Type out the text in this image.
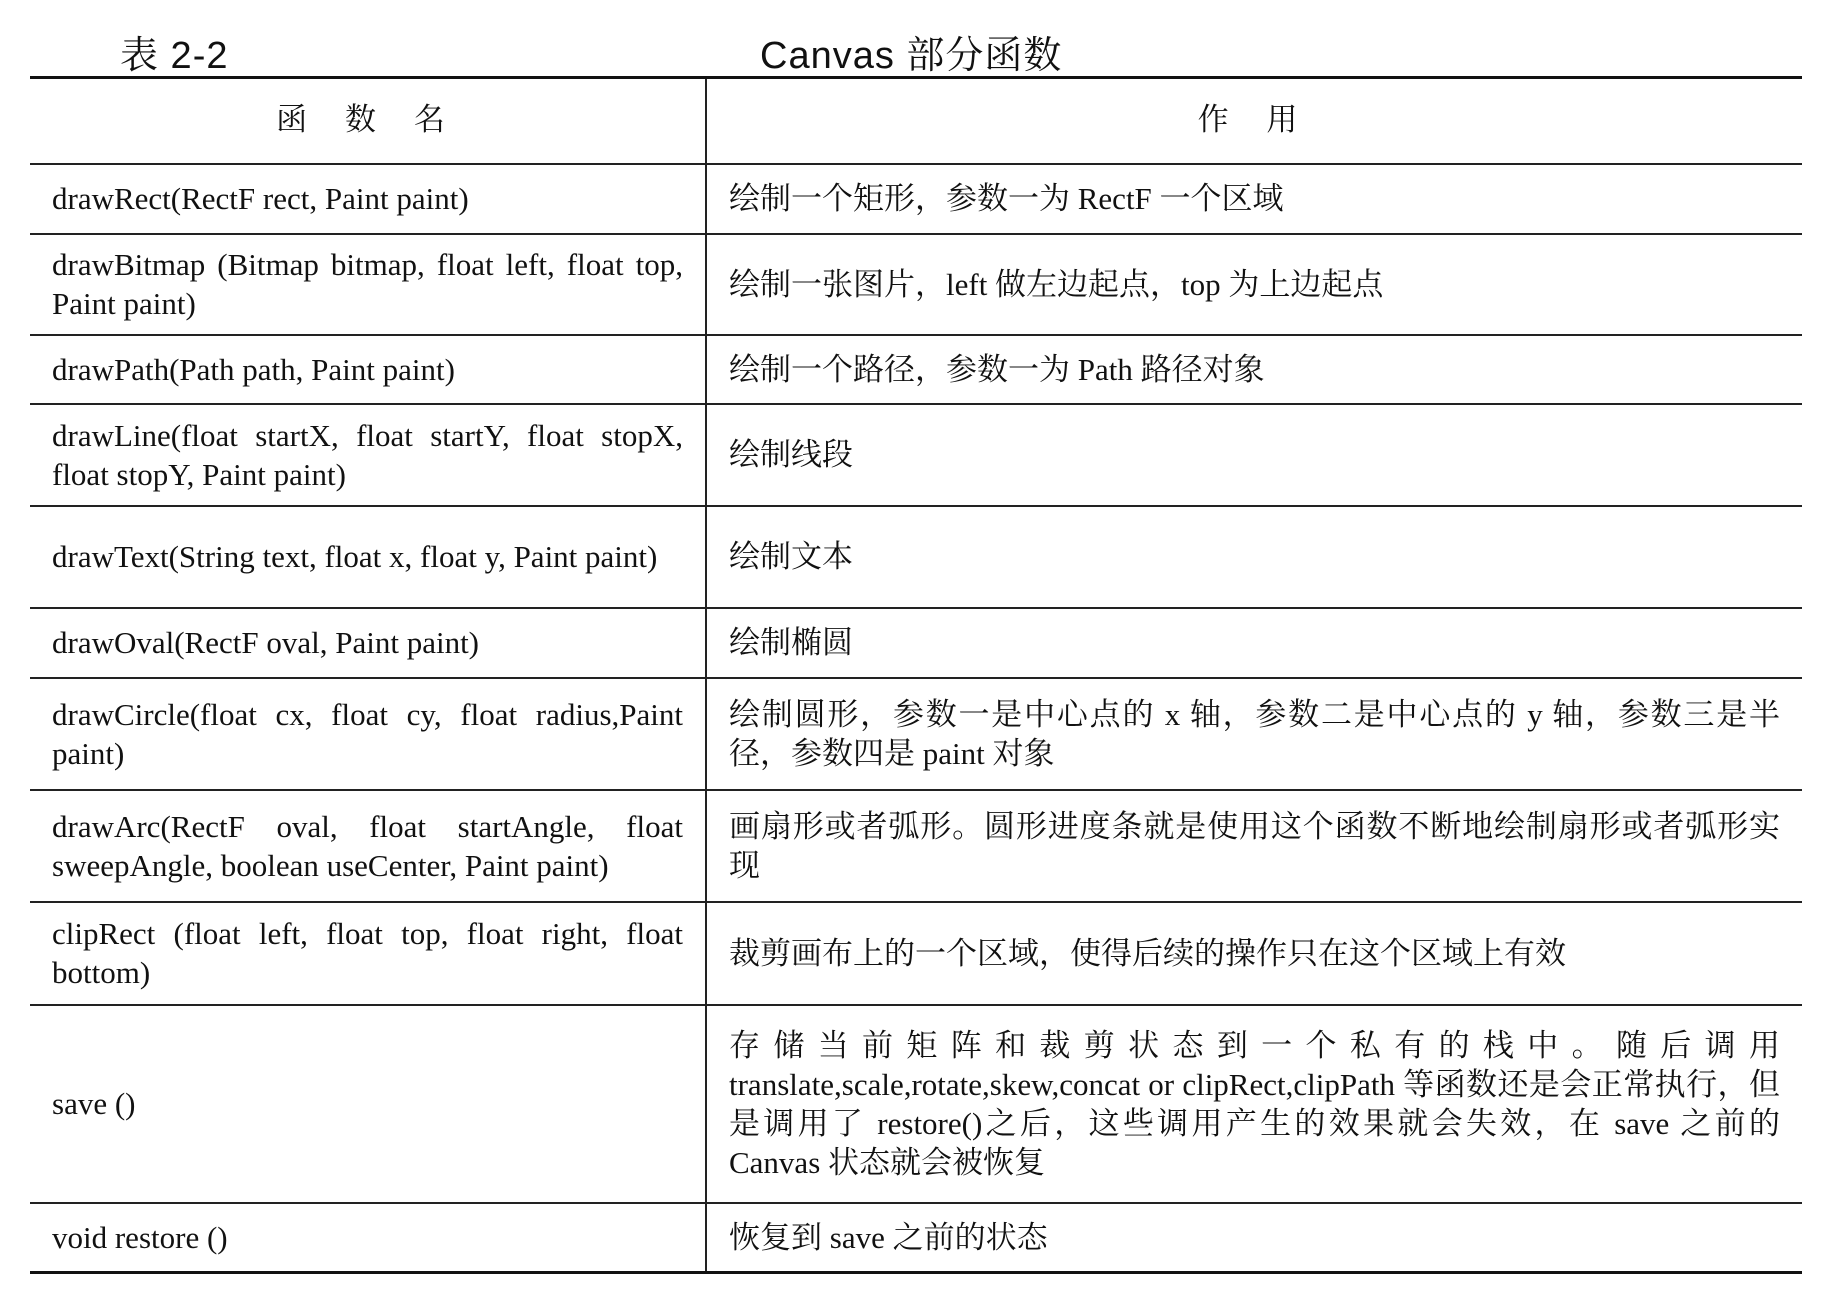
表 2-2	Canvas 部分函数
函 数 名	作 用
drawRect(RectF rect, Paint paint)	绘制一个矩形，参数一为 RectF 一个区域
drawBitmap (Bitmap bitmap, float left, float top, Paint paint)	绘制一张图片，left 做左边起点，top 为上边起点
drawPath(Path path, Paint paint)	绘制一个路径，参数一为 Path 路径对象
drawLine(float startX, float startY, float stopX, float stopY, Paint paint)	绘制线段
drawText(String text, float x, float y, Paint paint)	绘制文本
drawOval(RectF oval, Paint paint)	绘制椭圆
drawCircle(float cx, float cy, float radius,Paint paint)	绘制圆形，参数一是中心点的 x 轴，参数二是中心点的 y 轴，参数三是半径，参数四是 paint 对象
drawArc(RectF oval, float startAngle, float sweepAngle, boolean useCenter, Paint paint)	画扇形或者弧形。圆形进度条就是使用这个函数不断地绘制扇形或者弧形实现
clipRect (float left, float top, float right, float bottom)	裁剪画布上的一个区域，使得后续的操作只在这个区域上有效
save ()	存储当前矩阵和裁剪状态到一个私有的栈中。随后调用 translate,scale,rotate,skew,concat or clipRect,clipPath 等函数还是会正常执行，但是调用了 restore()之后，这些调用产生的效果就会失效，在 save 之前的 Canvas 状态就会被恢复
void restore ()	恢复到 save 之前的状态
